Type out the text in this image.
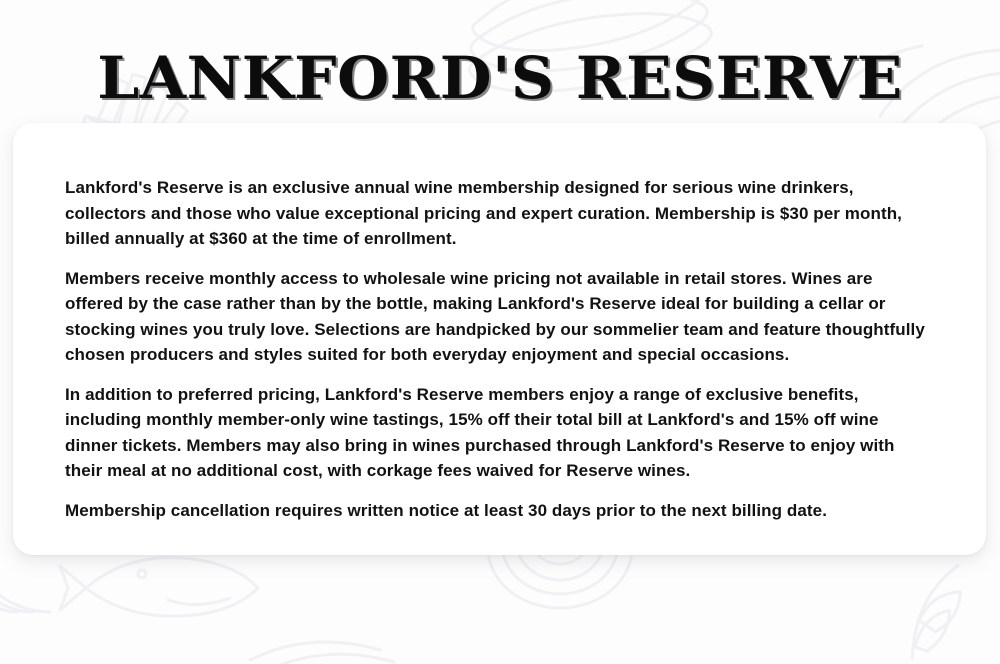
LANKFORD'S RESERVE

Lankford's Reserve is an exclusive annual wine membership designed for serious wine drinkers, collectors and those who value exceptional pricing and expert curation. Membership is $30 per month, billed annually at $360 at the time of enrollment.

Members receive monthly access to wholesale wine pricing not available in retail stores. Wines are offered by the case rather than by the bottle, making Lankford's Reserve ideal for building a cellar or stocking wines you truly love. Selections are handpicked by our sommelier team and feature thoughtfully chosen producers and styles suited for both everyday enjoyment and special occasions.

In addition to preferred pricing, Lankford's Reserve members enjoy a range of exclusive benefits, including monthly member-only wine tastings, 15% off their total bill at Lankford's and 15% off wine dinner tickets. Members may also bring in wines purchased through Lankford's Reserve to enjoy with their meal at no additional cost, with corkage fees waived for Reserve wines.

Membership cancellation requires written notice at least 30 days prior to the next billing date.
